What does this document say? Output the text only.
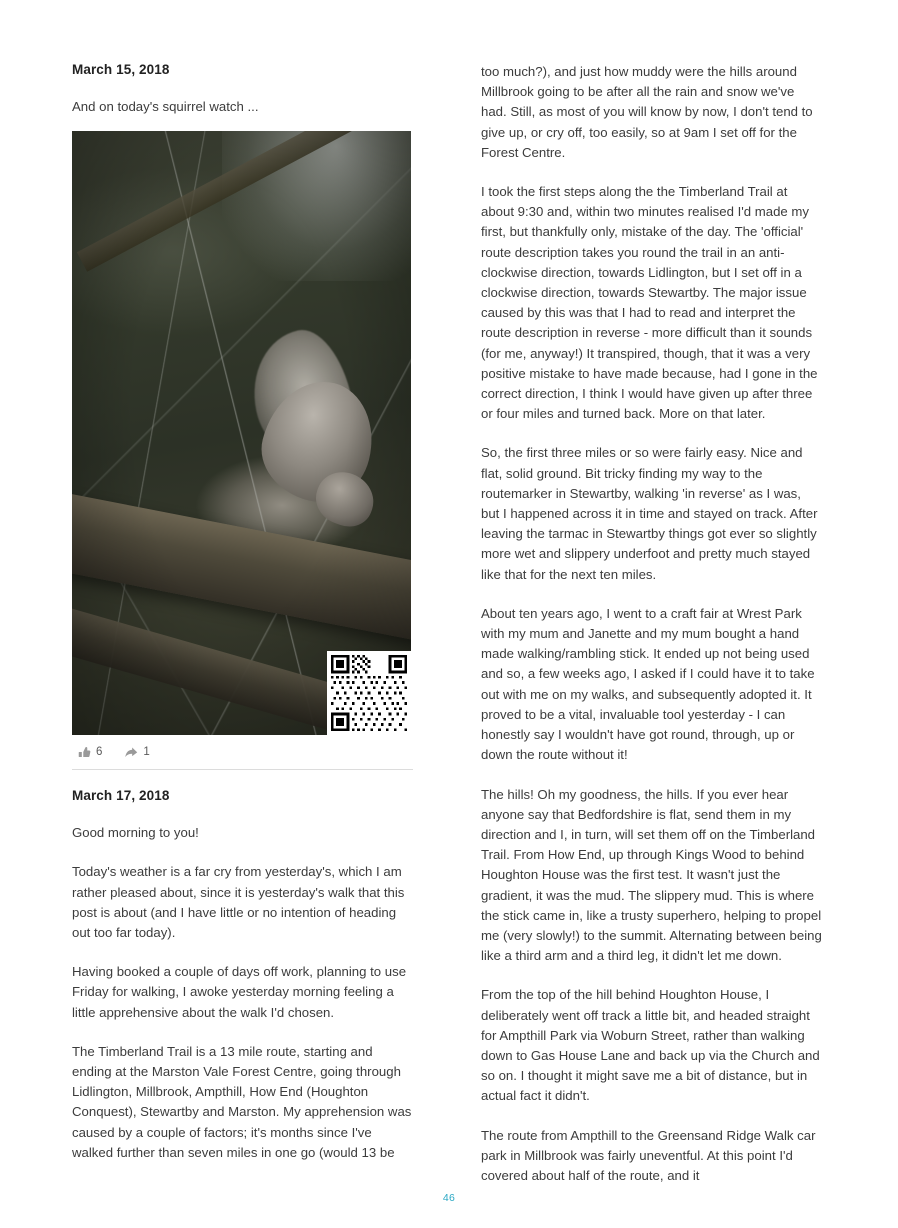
March 15, 2018

And on today's squirrel watch ...

6	1
March 17, 2018

Good morning to you!

Today's weather is a far cry from yesterday's, which I am rather pleased about, since it is yesterday's walk that this post is about (and I have little or no intention of heading out too far today).

Having booked a couple of days off work, planning to use Friday for walking, I awoke yesterday morning feeling a little apprehensive about the walk I'd chosen.

The Timberland Trail is a 13 mile route, starting and ending at the Marston Vale Forest Centre, going through Lidlington, Millbrook, Ampthill, How End (Houghton Conquest), Stewartby and Marston. My apprehension was caused by a couple of factors; it's months since I've walked further than seven miles in one go (would 13 be

too much?), and just how muddy were the hills around Millbrook going to be after all the rain and snow we've had. Still, as most of you will know by now, I don't tend to give up, or cry off, too easily, so at 9am I set off for the Forest Centre.

I took the first steps along the the Timberland Trail at about 9:30 and, within two minutes realised I'd made my first, but thankfully only, mistake of the day. The 'official' route description takes you round the trail in an anti-clockwise direction, towards Lidlington, but I set off in a clockwise direction, towards Stewartby. The major issue caused by this was that I had to read and interpret the route description in reverse - more difficult than it sounds (for me, anyway!) It transpired, though, that it was a very positive mistake to have made because, had I gone in the correct direction, I think I would have given up after three or four miles and turned back. More on that later.

So, the first three miles or so were fairly easy. Nice and flat, solid ground. Bit tricky finding my way to the routemarker in Stewartby, walking 'in reverse' as I was, but I happened across it in time and stayed on track. After leaving the tarmac in Stewartby things got ever so slightly more wet and slippery underfoot and pretty much stayed like that for the next ten miles.

About ten years ago, I went to a craft fair at Wrest Park with my mum and Janette and my mum bought a hand made walking/rambling stick. It ended up not being used and so, a few weeks ago, I asked if I could have it to take out with me on my walks, and subsequently adopted it. It proved to be a vital, invaluable tool yesterday - I can honestly say I wouldn't have got round, through, up or down the route without it!

The hills! Oh my goodness, the hills. If you ever hear anyone say that Bedfordshire is flat, send them in my direction and I, in turn, will set them off on the Timberland Trail. From How End, up through Kings Wood to behind Houghton House was the first test. It wasn't just the gradient, it was the mud. The slippery mud. This is where the stick came in, like a trusty superhero, helping to propel me (very slowly!) to the summit. Alternating between being like a third arm and a third leg, it didn't let me down.

From the top of the hill behind Houghton House, I deliberately went off track a little bit, and headed straight for Ampthill Park via Woburn Street, rather than walking down to Gas House Lane and back up via the Church and so on. I thought it might save me a bit of distance, but in actual fact it didn't.

The route from Ampthill to the Greensand Ridge Walk car park in Millbrook was fairly uneventful. At this point I'd covered about half of the route, and it

46
